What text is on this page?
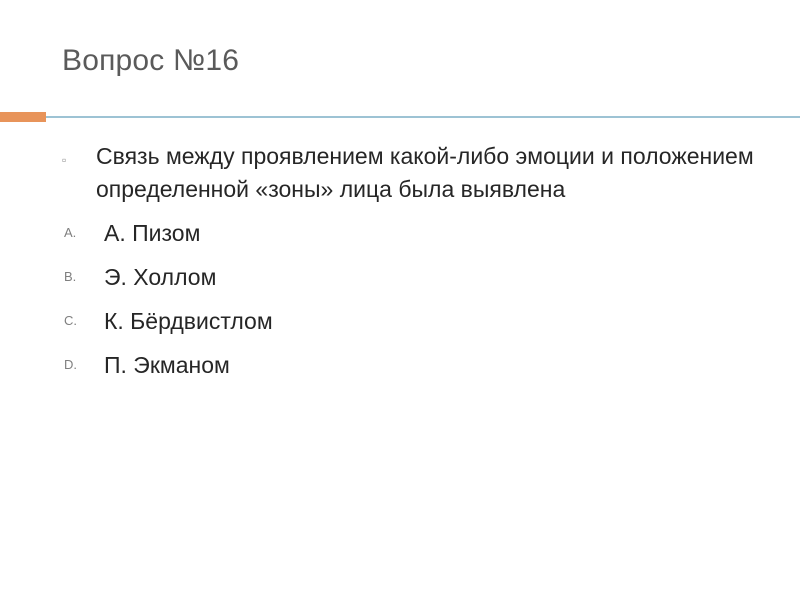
Вопрос №16
▫	Связь между проявлением какой-либо эмоции и положением определенной «зоны» лица была выявлена
A.	А. Пизом
B.	Э. Холлом
C.	К. Бёрдвистлом
D.	П. Экманом
